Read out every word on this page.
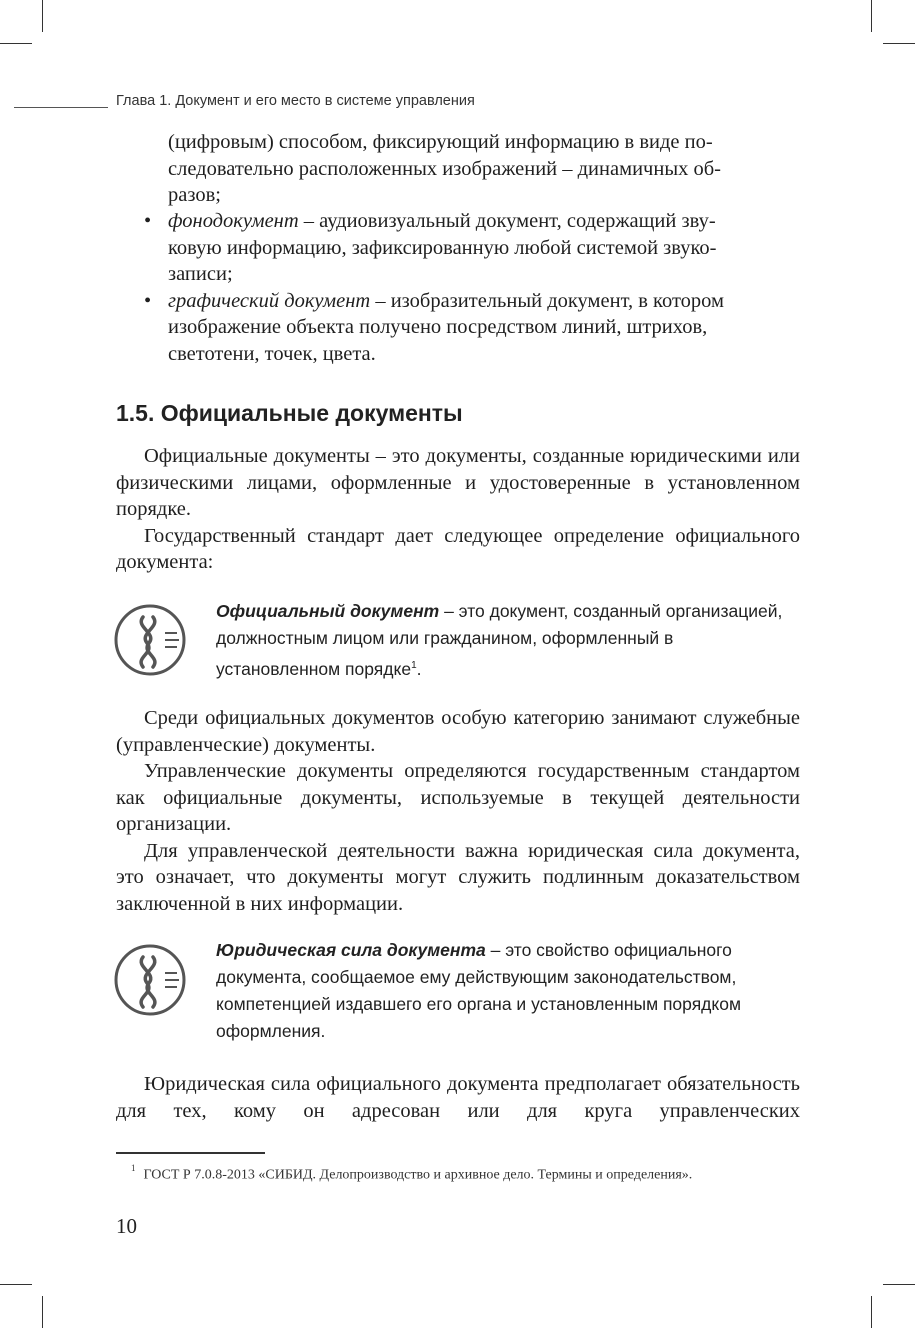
Глава 1. Документ и его место в системе управления
(цифровым) способом, фиксирующий информацию в виде по-
следовательно расположенных изображений – динамичных об-
разов;
• фонодокумент – аудиовизуальный документ, содержащий зву-
ковую информацию, зафиксированную любой системой звуко-
записи;
• графический документ – изобразительный документ, в котором
изображение объекта получено посредством линий, штрихов,
светотени, точек, цвета.
1.5. Официальные документы

Официальные документы – это документы, созданные юридическими или физическими лицами, оформленные и удостоверенные в установленном порядке.

Государственный стандарт дает следующее определение официального документа:

Официальный документ – это документ, созданный организацией, должностным лицом или гражданином, оформленный в установленном порядке$^1$.

Среди официальных документов особую категорию занимают служебные (управленческие) документы.

Управленческие документы определяются государственным стандартом как официальные документы, используемые в текущей деятельности организации.

Для управленческой деятельности важна юридическая сила документа, это означает, что документы могут служить подлинным доказательством заключенной в них информации.

Юридическая сила документа – это свойство официального документа, сообщаемое ему действующим законодательством, компетенцией издавшего его органа и установленным порядком оформления.

Юридическая сила официального документа предполагает обязательность для тех, кому он адресован или для круга управленческих

$^1$ ГОСТ Р 7.0.8-2013 «СИБИД. Делопроизводство и архивное дело. Термины и определения».
10
